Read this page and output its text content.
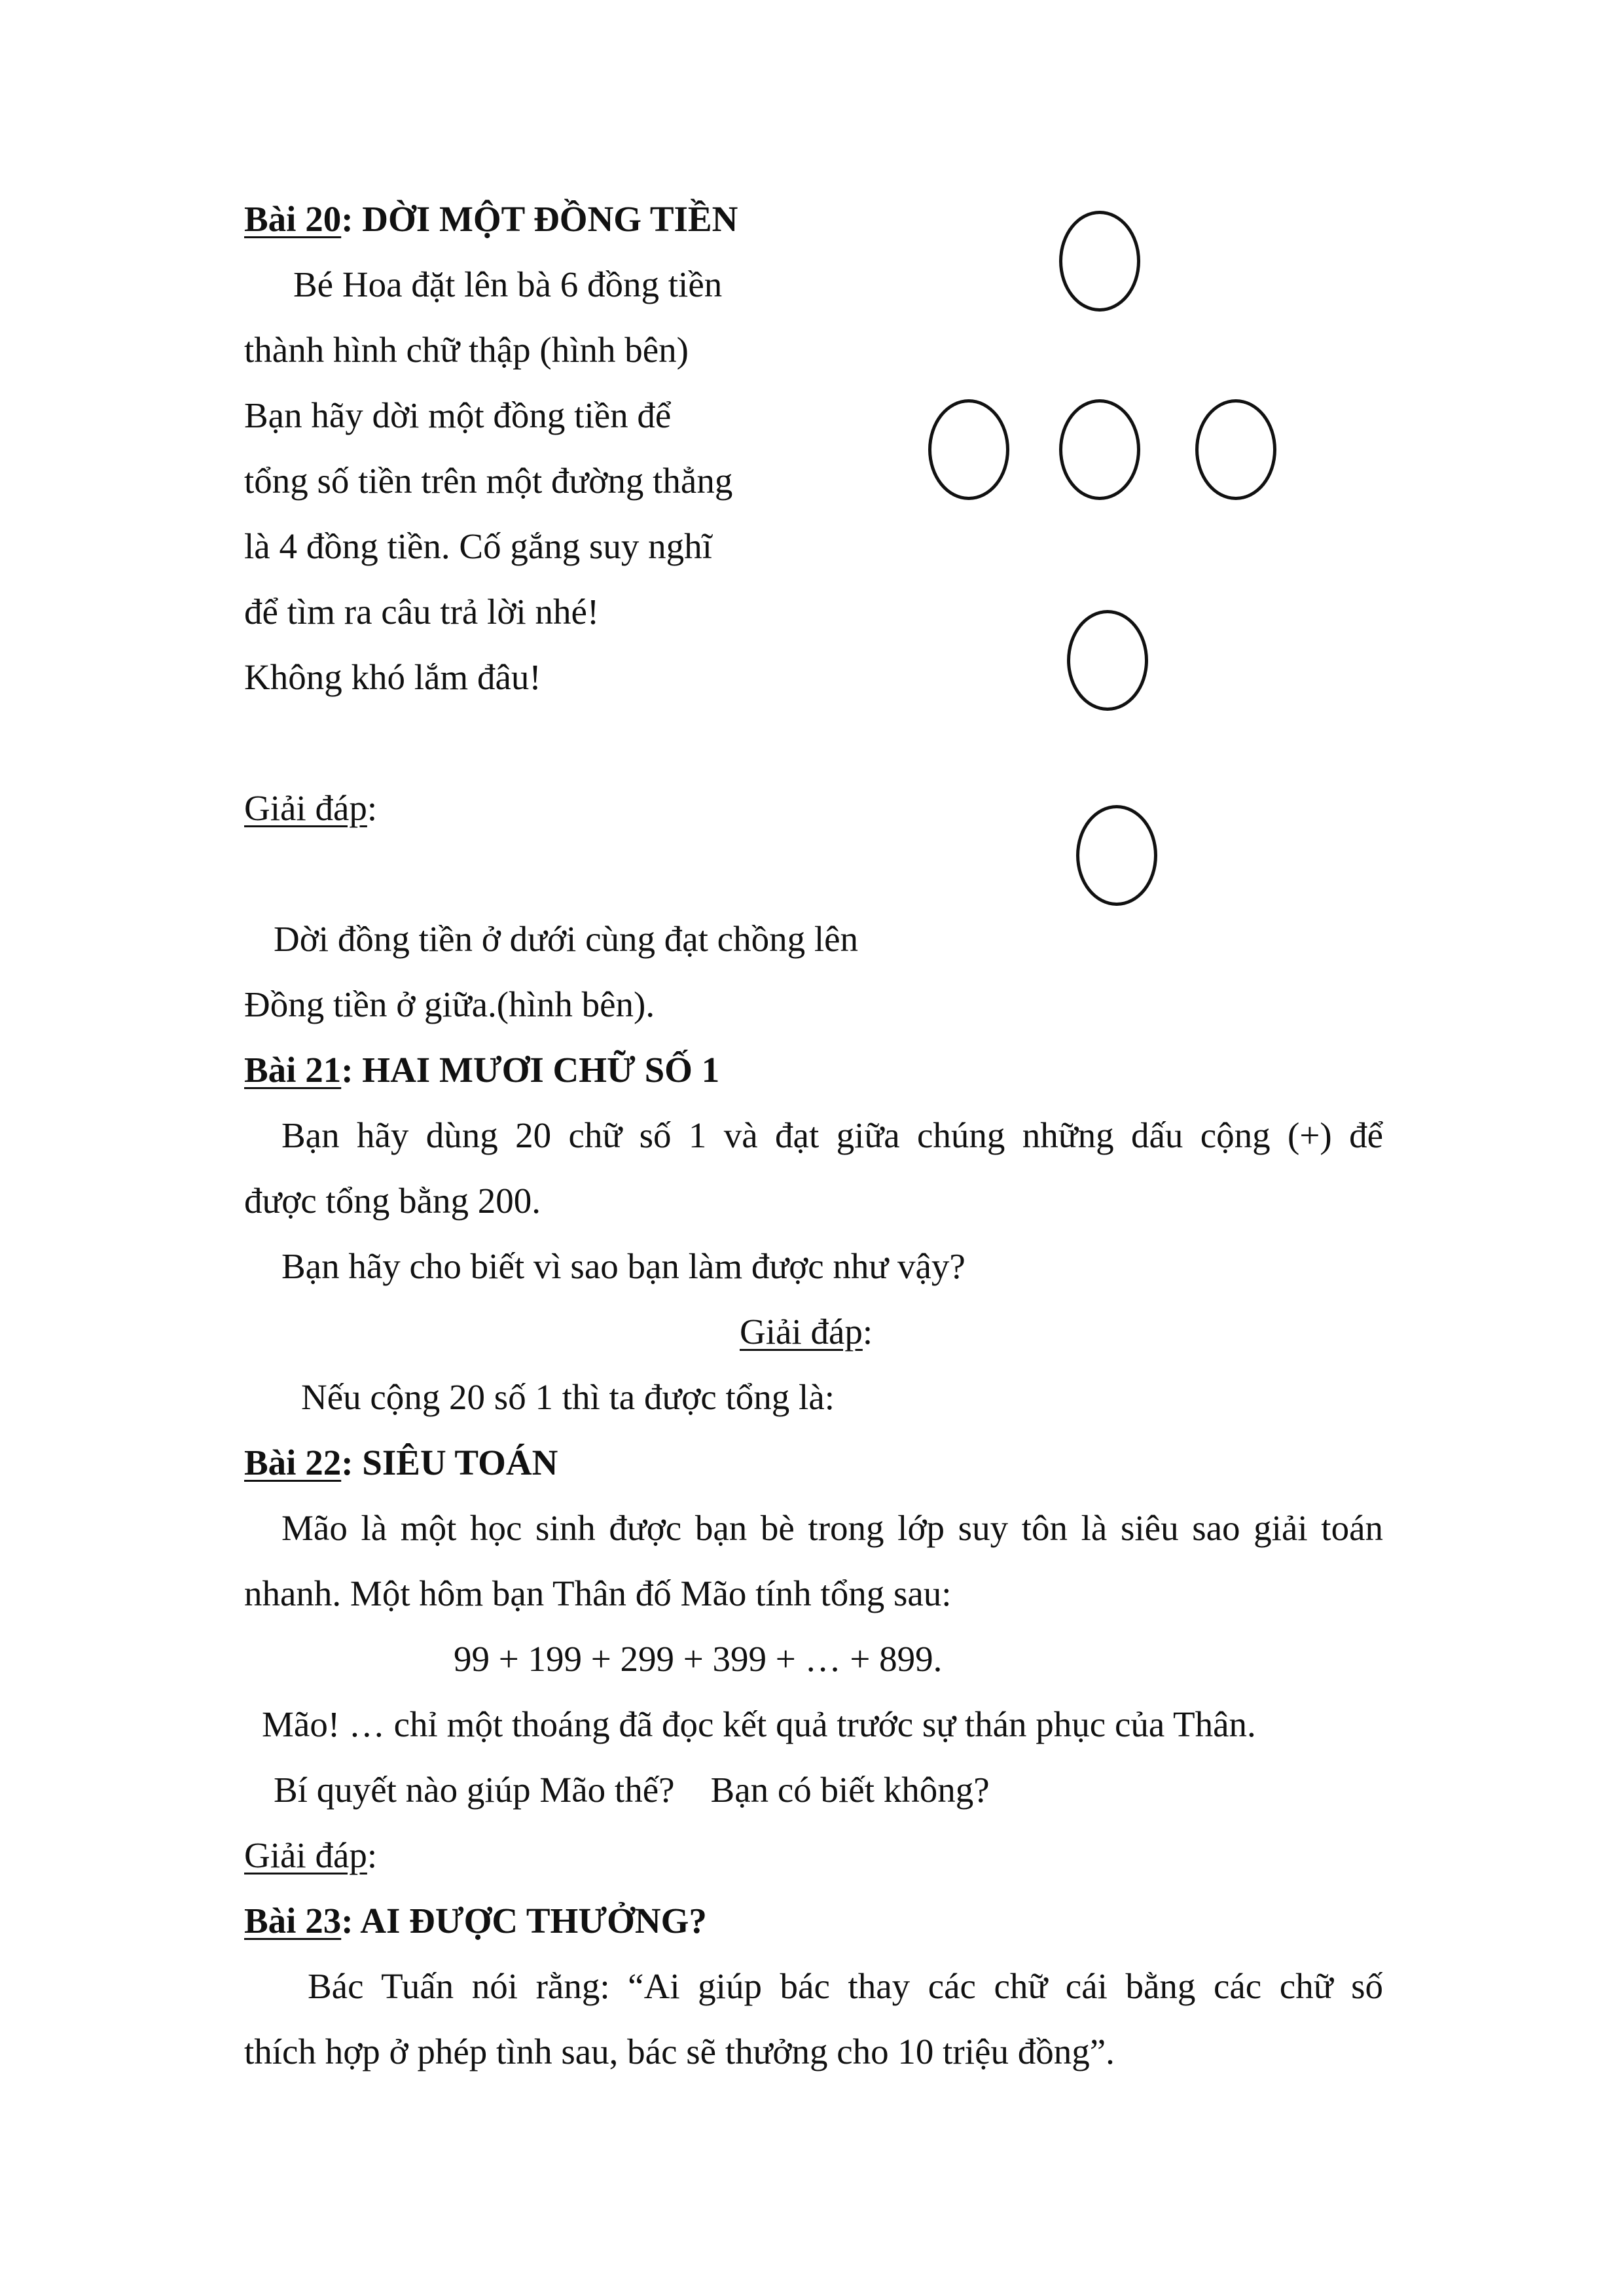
Bài 20: DỜI MỘT ĐỒNG TIỀN
Bé Hoa đặt lên bà 6 đồng tiền
thành hình chữ thập (hình bên)
Bạn hãy dời một đồng tiền để
tổng số tiền trên một đường thẳng
là 4 đồng tiền. Cố gắng suy nghĩ
để tìm ra câu trả lời nhé!
Không khó lắm đâu!
Giải đáp:
Dời đồng tiền ở dưới cùng đạt chồng lên
Đồng tiền ở giữa.(hình bên).
Bài 21: HAI MƯƠI CHỮ SỐ 1
Bạn hãy dùng 20 chữ số 1 và đạt giữa chúng những dấu cộng (+) để
được tổng bằng 200.
Bạn hãy cho biết vì sao bạn làm được như vậy?
Giải đáp:
Nếu cộng 20 số 1 thì ta được tổng là:
Bài 22: SIÊU TOÁN
Mão là một học sinh được bạn bè trong lớp suy tôn là siêu sao giải toán
nhanh. Một hôm bạn Thân đố Mão tính tổng sau:
99 + 199 + 299 + 399 + … + 899.
Mão! … chỉ một thoáng đã đọc kết quả trước sự thán phục của Thân.
Bí quyết nào giúp Mão thế?    Bạn có biết không?
Giải đáp:
Bài 23: AI ĐƯỢC THƯỞNG?
Bác Tuấn nói rằng: “Ai giúp bác thay các chữ cái bằng các chữ số
thích hợp ở phép tình sau, bác sẽ thưởng cho 10 triệu đồng”.
